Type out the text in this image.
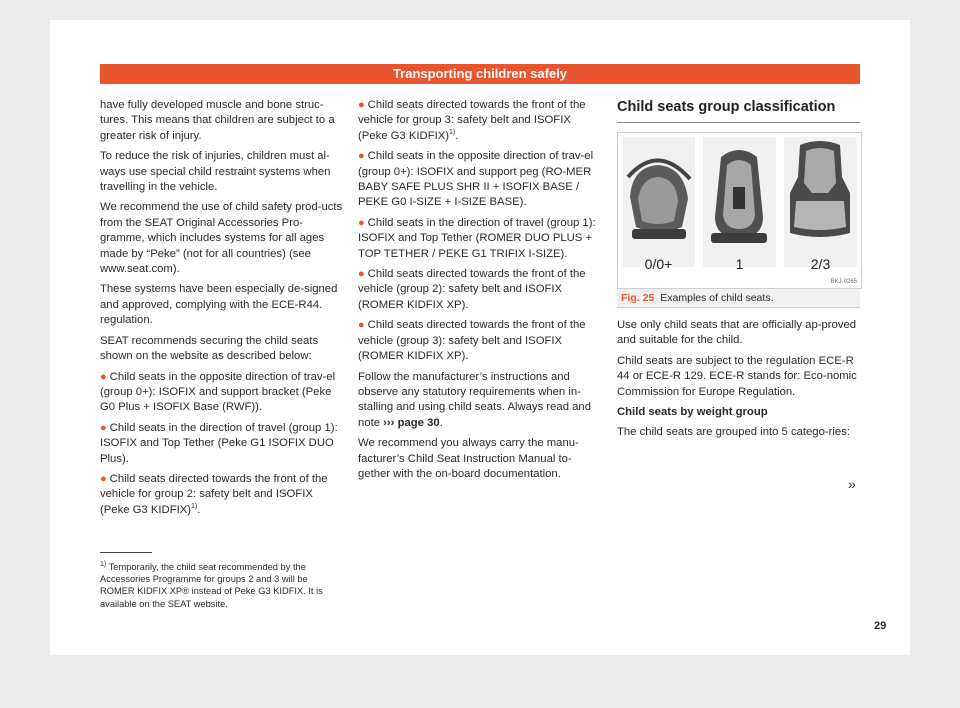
Transporting children safely

have fully developed muscle and bone struc-tures. This means that children are subject to a greater risk of injury.

To reduce the risk of injuries, children must al-ways use special child restraint systems when travelling in the vehicle.

We recommend the use of child safety prod-ucts from the SEAT Original Accessories Pro-gramme, which includes systems for all ages made by “Peke” (not for all countries) (see www.seat.com).

These systems have been especially de-signed and approved, complying with the ECE-R44. regulation.

SEAT recommends securing the child seats shown on the website as described below:

● Child seats in the opposite direction of trav-el (group 0+): ISOFIX and support bracket (Peke G0 Plus + ISOFIX Base (RWF)).
● Child seats in the direction of travel (group 1): ISOFIX and Top Tether (Peke G1 ISOFIX DUO Plus).
● Child seats directed towards the front of the vehicle for group 2: safety belt and ISOFIX (Peke G3 KIDFIX)$^{1)}$.
● Child seats directed towards the front of the vehicle for group 3: safety belt and ISOFIX (Peke G3 KIDFIX)$^{1)}$.
● Child seats in the opposite direction of trav-el (group 0+): ISOFIX and support peg (RO-MER BABY SAFE PLUS SHR II + ISOFIX BASE / PEKE G0 I-SIZE + I-SIZE BASE).
● Child seats in the direction of travel (group 1): ISOFIX and Top Tether (ROMER DUO PLUS + TOP TETHER / PEKE G1 TRIFIX I-SIZE).
● Child seats directed towards the front of the vehicle (group 2): safety belt and ISOFIX (ROMER KIDFIX XP).
● Child seats directed towards the front of the vehicle (group 3): safety belt and ISOFIX (ROMER KIDFIX XP).

Follow the manufacturer’s instructions and observe any statutory requirements when in-stalling and using child seats. Always read and note ››› page 30.

We recommend you always carry the manu-facturer’s Child Seat Instruction Manual to-gether with the on-board documentation.

Child seats group classification
0/0+	1	2/3
BKJ-0265
Fig. 25 Examples of child seats.

Use only child seats that are officially ap-proved and suitable for the child.

Child seats are subject to the regulation ECE-R 44 or ECE-R 129. ECE-R stands for: Eco-nomic Commission for Europe Regulation.

Child seats by weight group

The child seats are grouped into 5 catego-ries:

»
$^{1)}$ Temporarily, the child seat recommended by the Accessories Programme for groups 2 and 3 will be ROMER KIDFIX XP® instead of Peke G3 KIDFIX. It is available on the SEAT website.
29
